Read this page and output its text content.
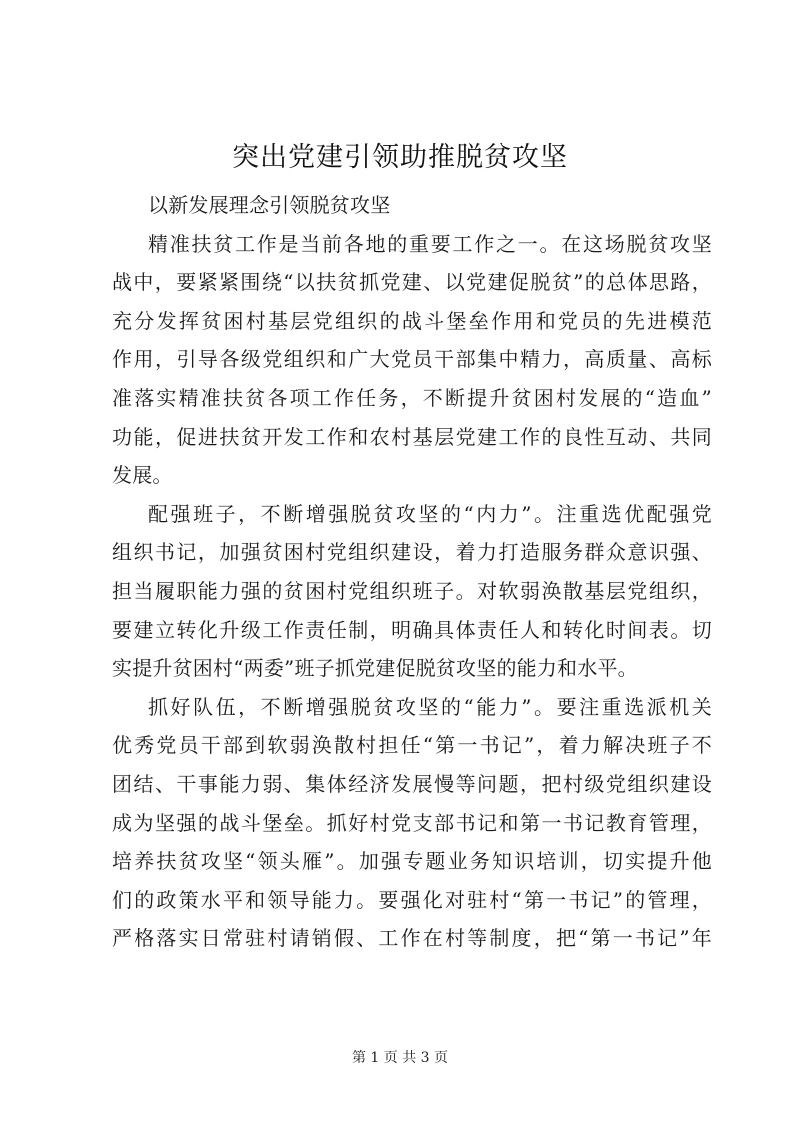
突出党建引领助推脱贫攻坚
以新发展理念引领脱贫攻坚
精准扶贫工作是当前各地的重要工作之一。在这场脱贫攻坚
战中，要紧紧围绕“以扶贫抓党建、以党建促脱贫”的总体思路，
充分发挥贫困村基层党组织的战斗堡垒作用和党员的先进模范
作用，引导各级党组织和广大党员干部集中精力，高质量、高标
准落实精准扶贫各项工作任务，不断提升贫困村发展的“造血”
功能，促进扶贫开发工作和农村基层党建工作的良性互动、共同
发展。
配强班子，不断增强脱贫攻坚的“内力”。注重选优配强党
组织书记，加强贫困村党组织建设，着力打造服务群众意识强、
担当履职能力强的贫困村党组织班子。对软弱涣散基层党组织，
要建立转化升级工作责任制，明确具体责任人和转化时间表。切
实提升贫困村“两委”班子抓党建促脱贫攻坚的能力和水平。
抓好队伍，不断增强脱贫攻坚的“能力”。要注重选派机关
优秀党员干部到软弱涣散村担任“第一书记”，着力解决班子不
团结、干事能力弱、集体经济发展慢等问题，把村级党组织建设
成为坚强的战斗堡垒。抓好村党支部书记和第一书记教育管理，
培养扶贫攻坚“领头雁”。加强专题业务知识培训，切实提升他
们的政策水平和领导能力。要强化对驻村“第一书记”的管理，
严格落实日常驻村请销假、工作在村等制度，把“第一书记”年
第 1 页 共 3 页
